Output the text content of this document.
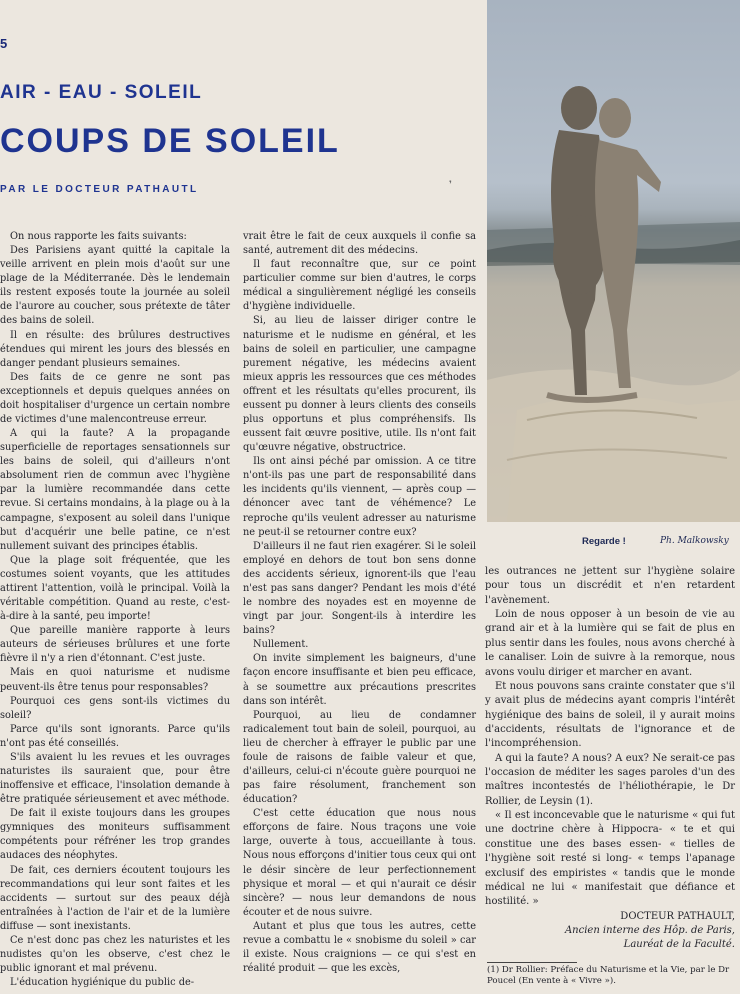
5
AIR - EAU - SOLEIL
COUPS DE SOLEIL
PAR LE DOCTEUR PATHAUTL	❜

On nous rapporte les faits suivants:

Des Parisiens ayant quitté la capitale la veille arrivent en plein mois d'août sur une plage de la Méditerranée. Dès le lendemain ils restent exposés toute la journée au soleil de l'aurore au coucher, sous prétexte de tâter des bains de soleil.

Il en résulte: des brûlures destructives étendues qui mirent les jours des blessés en danger pendant plusieurs semaines.

Des faits de ce genre ne sont pas exceptionnels et depuis quelques années on doit hospitaliser d'urgence un certain nombre de victimes d'une malencontreuse erreur.

A qui la faute? A la propagande superficielle de reportages sensationnels sur les bains de soleil, qui d'ailleurs n'ont absolument rien de commun avec l'hygiène par la lumière recommandée dans cette revue. Si certains mondains, à la plage ou à la campagne, s'exposent au soleil dans l'unique but d'acquérir une belle patine, ce n'est nullement suivant des principes établis.

Que la plage soit fréquentée, que les costumes soient voyants, que les attitudes attirent l'attention, voilà le principal. Voilà la véritable compétition. Quand au reste, c'est-à-dire à la santé, peu importe!

Que pareille manière rapporte à leurs auteurs de sérieuses brûlures et une forte fièvre il n'y a rien d'étonnant. C'est juste.

Mais en quoi naturisme et nudisme peuvent-ils être tenus pour responsables?

Pourquoi ces gens sont-ils victimes du soleil?

Parce qu'ils sont ignorants. Parce qu'ils n'ont pas été conseillés.

S'ils avaient lu les revues et les ouvrages naturistes ils sauraient que, pour être inoffensive et efficace, l'insolation demande à être pratiquée sérieusement et avec méthode.

De fait il existe toujours dans les groupes gymniques des moniteurs suffisamment compétents pour réfréner les trop grandes audaces des néophytes.

De fait, ces derniers écoutent toujours les recommandations qui leur sont faites et les accidents — surtout sur des peaux déjà entraînées à l'action de l'air et de la lumière diffuse — sont inexistants.

Ce n'est donc pas chez les naturistes et les nudistes qu'on les observe, c'est chez le public ignorant et mal prévenu.

L'éducation hygiénique du public de-

vrait être le fait de ceux auxquels il confie sa santé, autrement dit des médecins.

Il faut reconnaître que, sur ce point particulier comme sur bien d'autres, le corps médical a singulièrement négligé les conseils d'hygiène individuelle.

Si, au lieu de laisser diriger contre le naturisme et le nudisme en général, et les bains de soleil en particulier, une campagne purement négative, les médecins avaient mieux appris les ressources que ces méthodes offrent et les résultats qu'elles procurent, ils eussent pu donner à leurs clients des conseils plus opportuns et plus compréhensifs. Ils eussent fait œuvre positive, utile. Ils n'ont fait qu'œuvre négative, obstructrice.

Ils ont ainsi péché par omission. A ce titre n'ont-ils pas une part de responsabilité dans les incidents qu'ils viennent, — après coup — dénoncer avec tant de véhémence? Le reproche qu'ils veulent adresser au naturisme ne peut-il se retourner contre eux?

D'ailleurs il ne faut rien exagérer. Si le soleil employé en dehors de tout bon sens donne des accidents sérieux, ignorent-ils que l'eau n'est pas sans danger? Pendant les mois d'été le nombre des noyades est en moyenne de vingt par jour. Songent-ils à interdire les bains?

Nullement.

On invite simplement les baigneurs, d'une façon encore insuffisante et bien peu efficace, à se soumettre aux précautions prescrites dans son intérêt.

Pourquoi, au lieu de condamner radicalement tout bain de soleil, pourquoi, au lieu de chercher à effrayer le public par une foule de raisons de faible valeur et que, d'ailleurs, celui-ci n'écoute guère pourquoi ne pas faire résolument, franchement son éducation?

C'est cette éducation que nous nous efforçons de faire. Nous traçons une voie large, ouverte à tous, accueillante à tous. Nous nous efforçons d'initier tous ceux qui ont le désir sincère de leur perfectionnement physique et moral — et qui n'aurait ce désir sincère? — nous leur demandons de nous écouter et de nous suivre.

Autant et plus que tous les autres, cette revue a combattu le « snobisme du soleil » car il existe. Nous craignions — ce qui s'est en réalité produit — que les excès,

Regarde !	Ph. Malkowsky

les outrances ne jettent sur l'hygiène solaire pour tous un discrédit et n'en retardent l'avènement.

Loin de nous opposer à un besoin de vie au grand air et à la lumière qui se fait de plus en plus sentir dans les foules, nous avons cherché à le canaliser. Loin de suivre à la remorque, nous avons voulu diriger et marcher en avant.

Et nous pouvons sans crainte constater que s'il y avait plus de médecins ayant compris l'intérêt hygiénique des bains de soleil, il y aurait moins d'accidents, résultats de l'ignorance et de l'incompréhension.

A qui la faute? A nous? A eux? Ne serait-ce pas l'occasion de méditer les sages paroles d'un des maîtres incontestés de l'héliothérapie, le Dr Rollier, de Leysin (1).

« Il est inconcevable que le naturisme « qui fut une doctrine chère à Hippocra- « te et qui constitue une des bases essen- « tielles de l'hygiène soit resté si long- « temps l'apanage exclusif des empiristes « tandis que le monde médical ne lui « manifestait que défiance et hostilité. »

DOCTEUR PATHAULT,

Ancien interne des Hôp. de Paris,

Lauréat de la Faculté.

(1) Dr Rollier: Préface du Naturisme et la Vie, par le Dr Poucel (En vente à « Vivre »).
